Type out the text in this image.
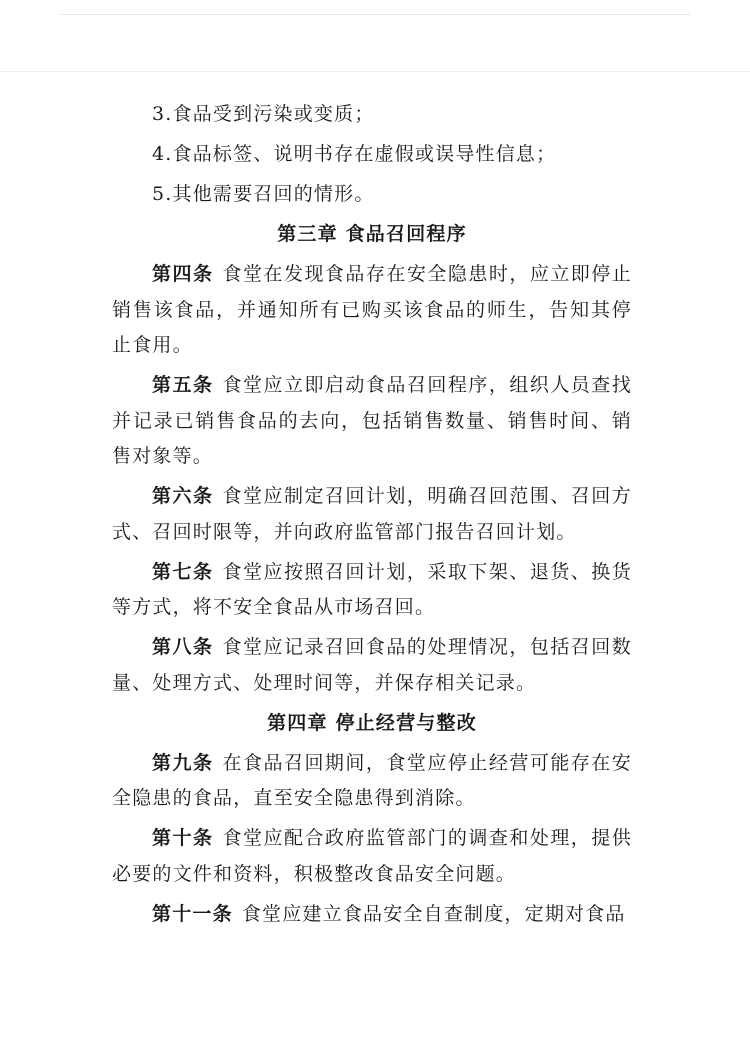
3.食品受到污染或变质；

4.食品标签、说明书存在虚假或误导性信息；

5.其他需要召回的情形。

第三章 食品召回程序

第四条 食堂在发现食品存在安全隐患时，应立即停止销售该食品，并通知所有已购买该食品的师生，告知其停止食用。

第五条 食堂应立即启动食品召回程序，组织人员查找并记录已销售食品的去向，包括销售数量、销售时间、销售对象等。

第六条 食堂应制定召回计划，明确召回范围、召回方式、召回时限等，并向政府监管部门报告召回计划。

第七条 食堂应按照召回计划，采取下架、退货、换货等方式，将不安全食品从市场召回。

第八条 食堂应记录召回食品的处理情况，包括召回数量、处理方式、处理时间等，并保存相关记录。

第四章 停止经营与整改

第九条 在食品召回期间，食堂应停止经营可能存在安全隐患的食品，直至安全隐患得到消除。

第十条 食堂应配合政府监管部门的调查和处理，提供必要的文件和资料，积极整改食品安全问题。

第十一条 食堂应建立食品安全自查制度，定期对食品
